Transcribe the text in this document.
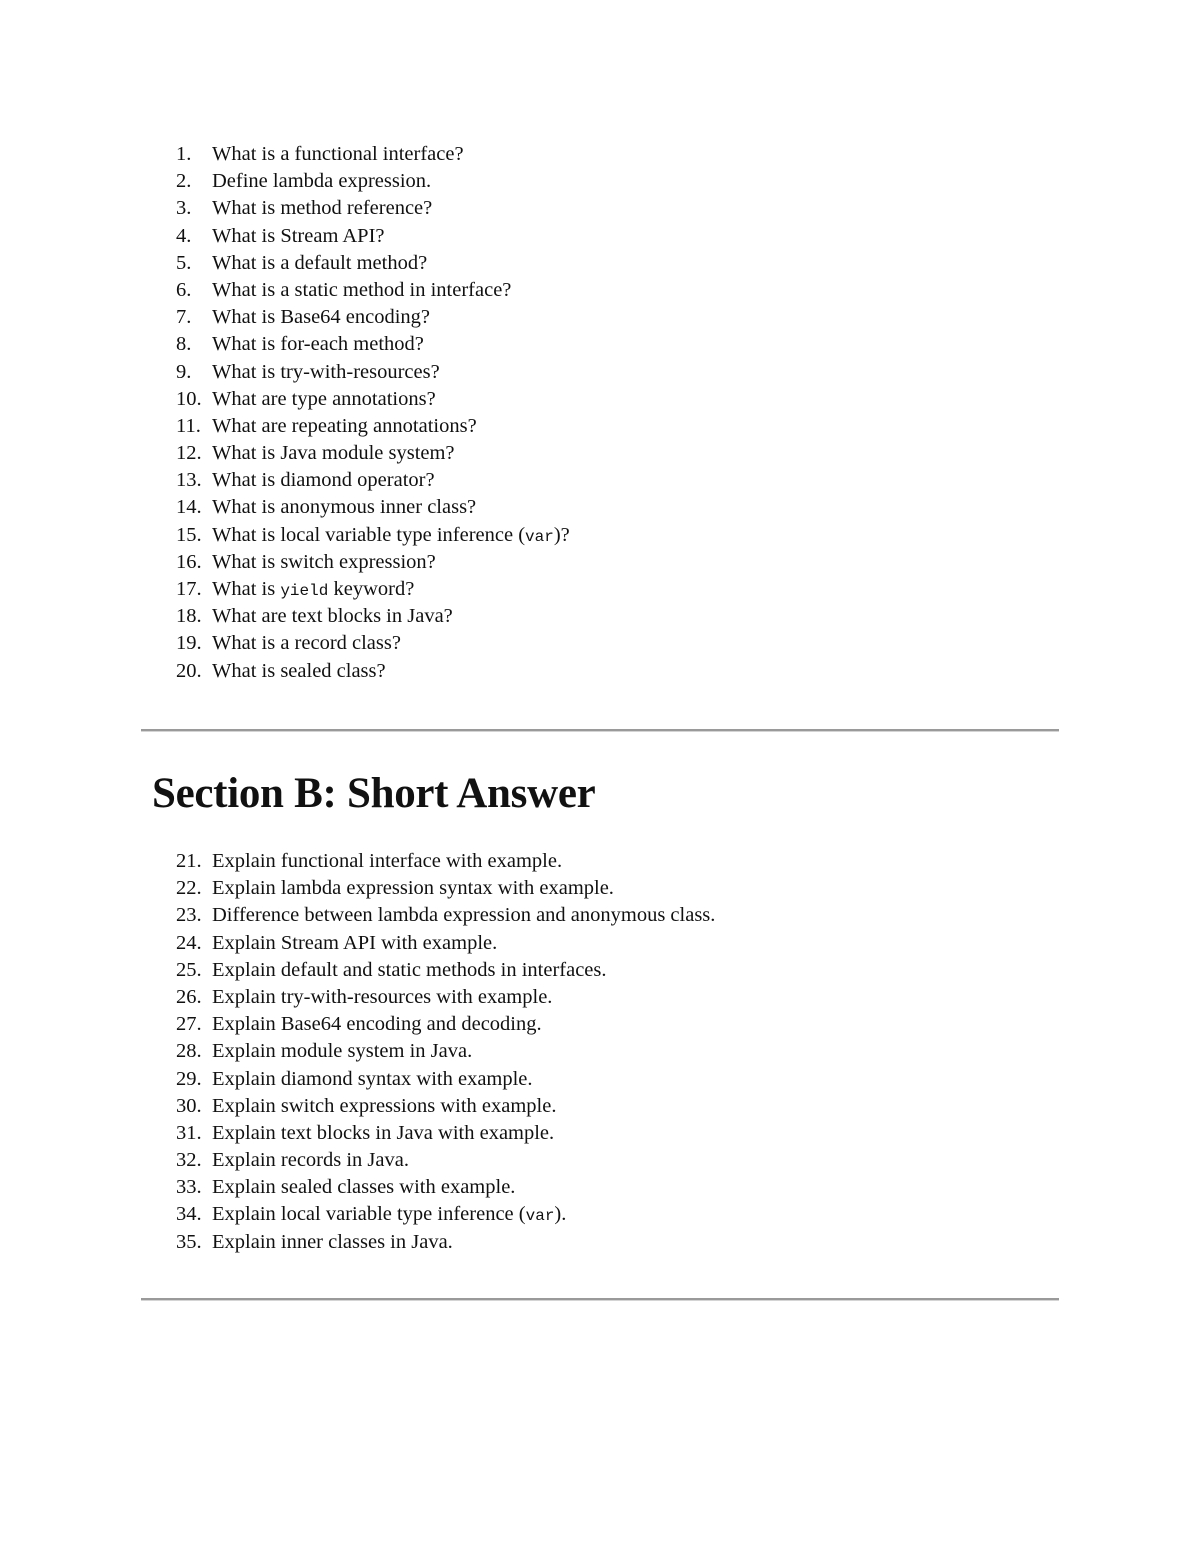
1. What is a functional interface?
2. Define lambda expression.
3. What is method reference?
4. What is Stream API?
5. What is a default method?
6. What is a static method in interface?
7. What is Base64 encoding?
8. What is for-each method?
9. What is try-with-resources?
10. What are type annotations?
11. What are repeating annotations?
12. What is Java module system?
13. What is diamond operator?
14. What is anonymous inner class?
15. What is local variable type inference (var)?
16. What is switch expression?
17. What is yield keyword?
18. What are text blocks in Java?
19. What is a record class?
20. What is sealed class?
Section B: Short Answer
21. Explain functional interface with example.
22. Explain lambda expression syntax with example.
23. Difference between lambda expression and anonymous class.
24. Explain Stream API with example.
25. Explain default and static methods in interfaces.
26. Explain try-with-resources with example.
27. Explain Base64 encoding and decoding.
28. Explain module system in Java.
29. Explain diamond syntax with example.
30. Explain switch expressions with example.
31. Explain text blocks in Java with example.
32. Explain records in Java.
33. Explain sealed classes with example.
34. Explain local variable type inference (var).
35. Explain inner classes in Java.
